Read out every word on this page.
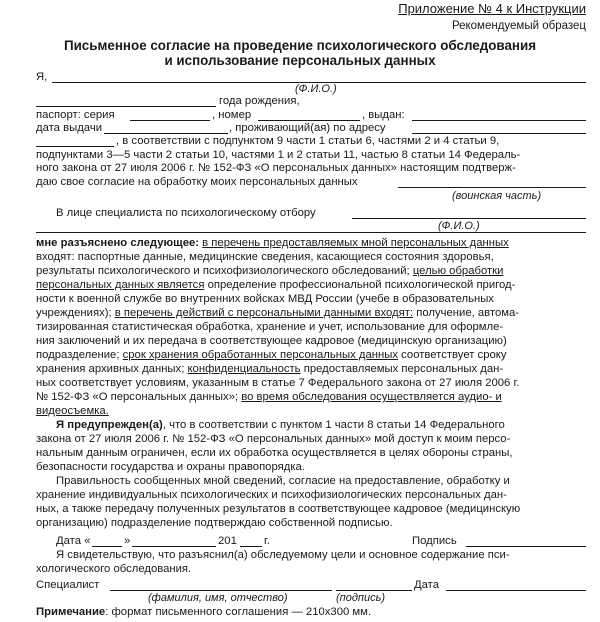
Приложение № 4 к Инструкции
Рекомендуемый образец
Письменное согласие на проведение психологического обследования
и использование персональных данных
Я,
(Ф.И.О.)
года рождения,
паспорт: серия	, номер	, выдан:
дата выдачи	, проживающий(ая) по адресу
, в соответствии с подпунктом 9 части 1 статьи 6, частями 2 и 4 статьи 9,
подпунктами 3—5 части 2 статьи 10, частями 1 и 2 статьи 11, частью 8 статьи 14 Федераль-
ного закона от 27 июля 2006 г. № 152-ФЗ «О персональных данных» настоящим подтверж-
даю свое согласие на обработку моих персональных данных
(воинская часть)
В лице специалиста по психологическому отбору
(Ф.И.О.)
мне разъяснено следующее: в перечень предоставляемых мной персональных данных
входят: паспортные данные, медицинские сведения, касающиеся состояния здоровья,
результаты психологического и психофизиологического обследований; целью обработки
персональных данных является определение профессиональной психологической пригод-
ности к военной службе во внутренних войсках МВД России (учебе в образовательных
учреждениях); в перечень действий с персональными данными входят: получение, автома-
тизированная статистическая обработка, хранение и учет, использование для оформле-
ния заключений и их передача в соответствующее кадровое (медицинскую организацию)
подразделение; срок хранения обработанных персональных данных соответствует сроку
хранения архивных данных; конфиденциальность предоставляемых персональных дан-
ных соответствует условиям, указанным в статье 7 Федерального закона от 27 июля 2006 г.
№ 152-ФЗ «О персональных данных»; во время обследования осуществляется аудио- и
видеосъемка.
Я предупрежден(а), что в соответствии с пунктом 1 части 8 статьи 14 Федерального
закона от 27 июля 2006 г. № 152-ФЗ «О персональных данных» мой доступ к моим персо-
нальным данным ограничен, если их обработка осуществляется в целях обороны страны,
безопасности государства и охраны правопорядка.
Правильность сообщенных мной сведений, согласие на предоставление, обработку и
хранение индивидуальных психологических и психофизиологических персональных дан-
ных, а также передачу полученных результатов в соответствующее кадровое (медицинскую
организацию) подразделение подтверждаю собственной подписью.
Дата «	»	201 г.	Подпись
Я свидетельствую, что разъяснил(а) обследуемому цели и основное содержание пси-
хологического обследования.
Специалист	Дата
(фамилия, имя, отчество)	(подпись)
Примечание: формат письменного соглашения — 210х300 мм.
